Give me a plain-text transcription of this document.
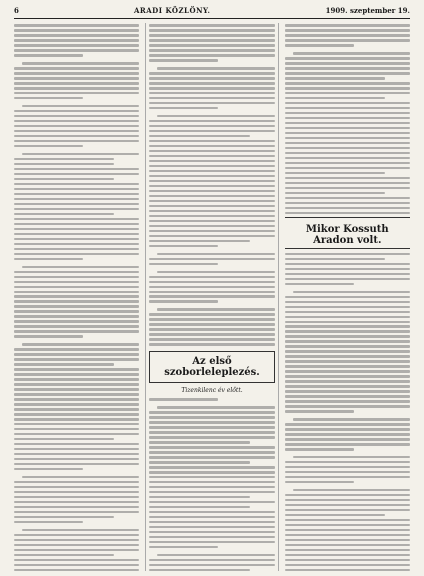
6	ARADI KÖZLÖNY.	1909. szeptember 19.
Az első szoborleleplezés.
Tizenkilenc év előtt.
Mikor Kossuth Aradon volt.
